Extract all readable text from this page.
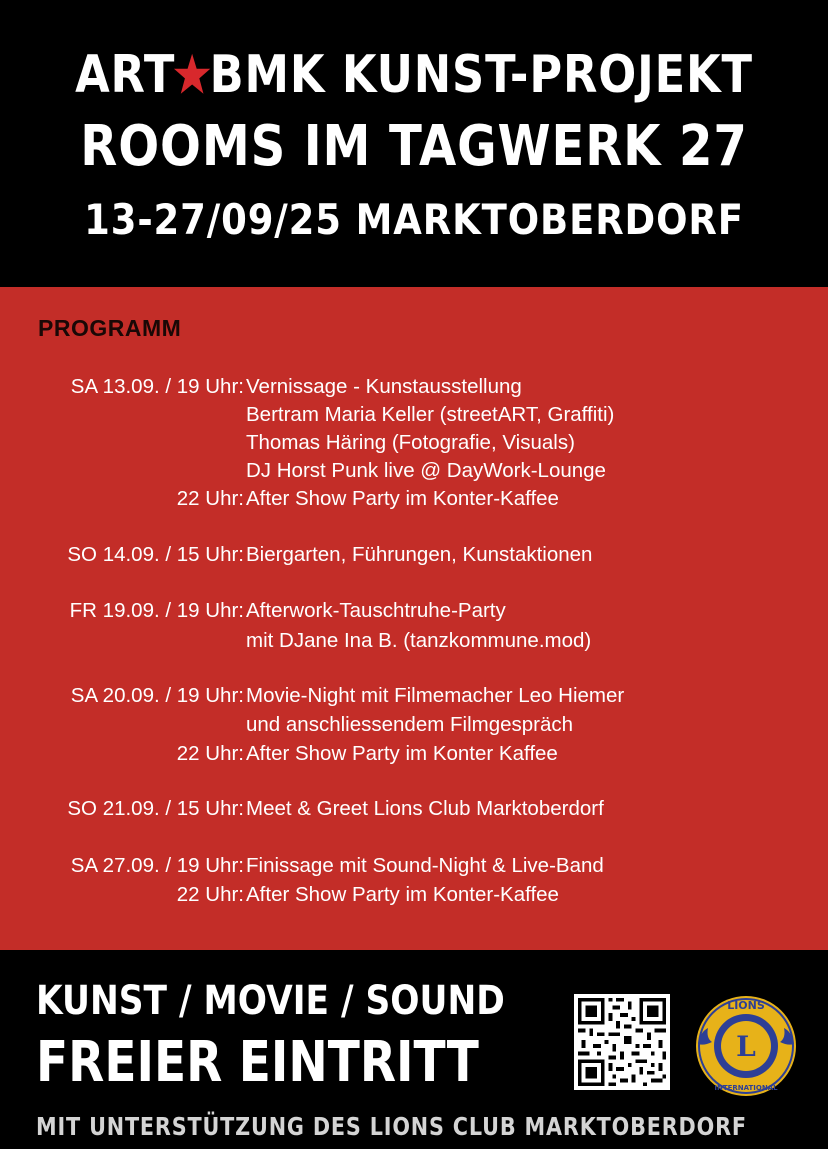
ART BMK KUNST-PROJEKT
ROOMS IM TAGWERK 27
13-27/09/25 MARKTOBERDORF
PROGRAMM
SA 13.09. / 19 Uhr: Vernissage - Kunstausstellung
Bertram Maria Keller (streetART, Graffiti)
Thomas Häring (Fotografie, Visuals)
DJ Horst Punk live @ DayWork-Lounge
22 Uhr: After Show Party im Konter-Kaffee
SO 14.09. / 15 Uhr: Biergarten, Führungen, Kunstaktionen
FR 19.09. / 19 Uhr: Afterwork-Tauschtruhe-Party
mit DJane Ina B. (tanzkommune.mod)
SA 20.09. / 19 Uhr: Movie-Night mit Filmemacher Leo Hiemer
und anschliessendem Filmgespräch
22 Uhr: After Show Party im Konter Kaffee
SO 21.09. / 15 Uhr: Meet & Greet Lions Club Marktoberdorf
SA 27.09. / 19 Uhr: Finissage mit Sound-Night & Live-Band
22 Uhr: After Show Party im Konter-Kaffee
KUNST / MOVIE / SOUND
FREIER EINTRITT	L
LIONS
INTERNATIONAL
MIT UNTERSTÜTZUNG DES LIONS CLUB MARKTOBERDORF
